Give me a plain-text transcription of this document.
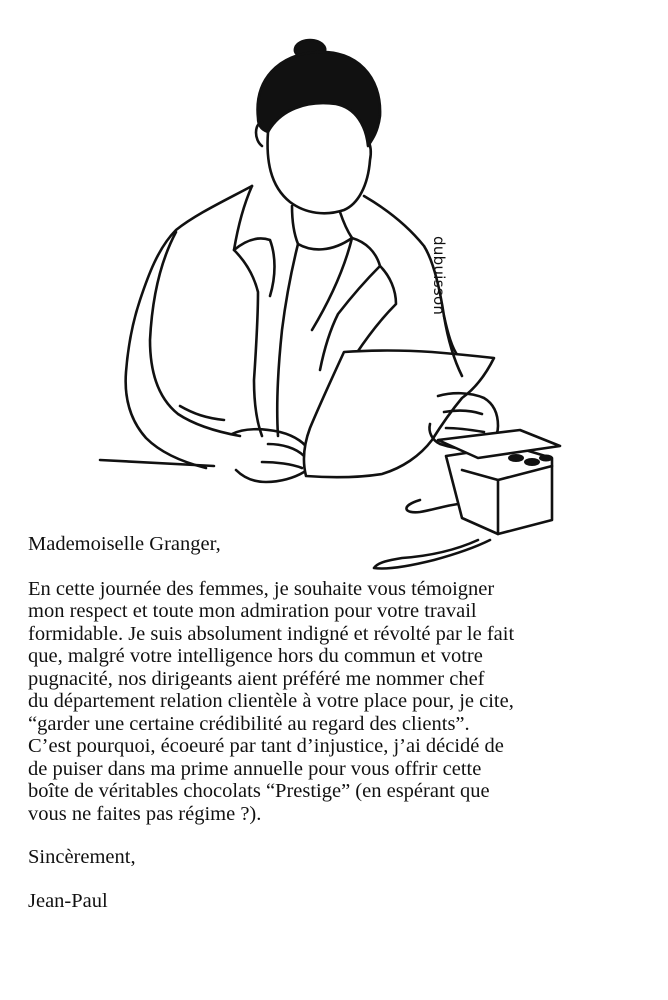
dubuisson

Mademoiselle Granger,

En cette journée des femmes, je souhaite vous témoigner
mon respect et toute mon admiration pour votre travail
formidable. Je suis absolument indigné et révolté par le fait
que, malgré votre intelligence hors du commun et votre
pugnacité, nos dirigeants aient préféré me nommer chef
du département relation clientèle à votre place pour, je cite,
“garder une certaine crédibilité au regard des clients”.
C’est pourquoi, écoeuré par tant d’injustice, j’ai décidé de
de puiser dans ma prime annuelle pour vous offrir cette
boîte de véritables chocolats “Prestige” (en espérant que
vous ne faites pas régime ?).

Sincèrement,

Jean-Paul
